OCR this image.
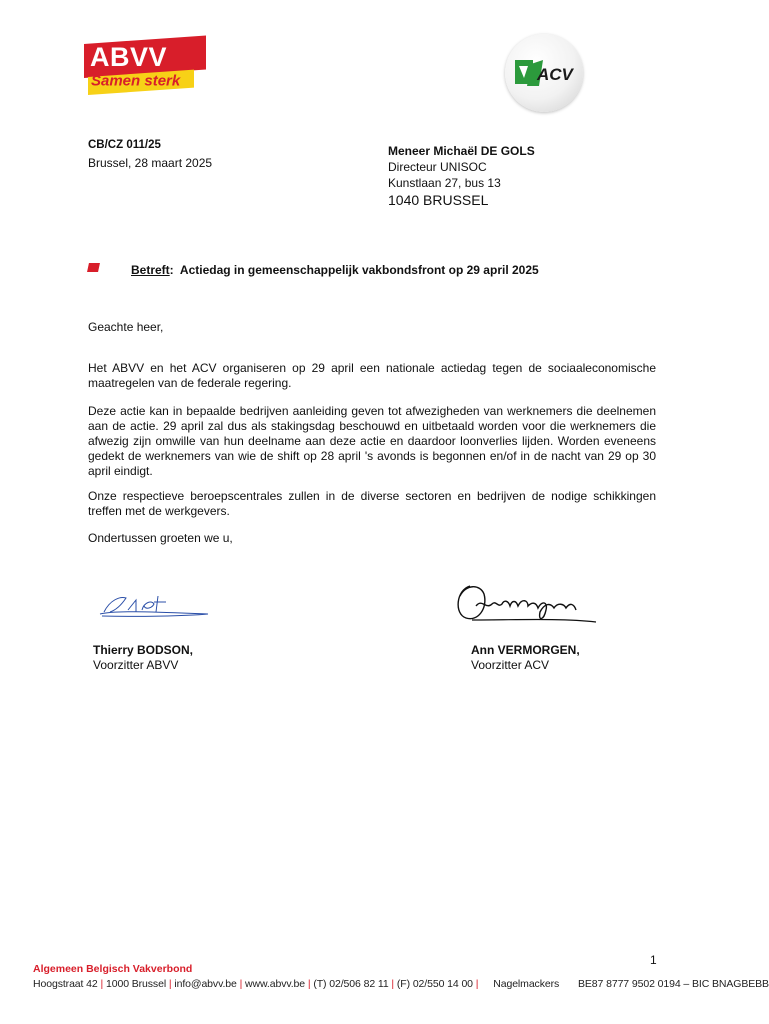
ABVV
Samen sterk	ACV
CB/CZ 011/25
Brussel, 28 maart 2025
Meneer Michaël DE GOLS
Directeur UNISOC
Kunstlaan 27, bus 13
1040 BRUSSEL
Betreft: Actiedag in gemeenschappelijk vakbondsfront op 29 april 2025
Geachte heer,

Het ABVV en het ACV organiseren op 29 april een nationale actiedag tegen de sociaaleconomische maatregelen van de federale regering.

Deze actie kan in bepaalde bedrijven aanleiding geven tot afwezigheden van werknemers die deelnemen aan de actie. 29 april zal dus als stakingsdag beschouwd en uitbetaald worden voor die werknemers die afwezig zijn omwille van hun deelname aan deze actie en daardoor loonverlies lijden. Worden eveneens gedekt de werknemers van wie de shift op 28 april 's avonds is begonnen en/of in de nacht van 29 op 30 april eindigt.

Onze respectieve beroepscentrales zullen in de diverse sectoren en bedrijven de nodige schikkingen treffen met de werkgevers.

Ondertussen groeten we u,
Thierry BODSON,
Voorzitter ABVV
Ann VERMORGEN,
Voorzitter ACV
1
Algemeen Belgisch Vakverbond
Hoogstraat 42 | 1000 Brussel | info@abvv.be | www.abvv.be | (T) 02/506 82 11 | (F) 02/550 14 00 | Nagelmackers BE87 8777 9502 0194 – BIC BNAGBEBB
